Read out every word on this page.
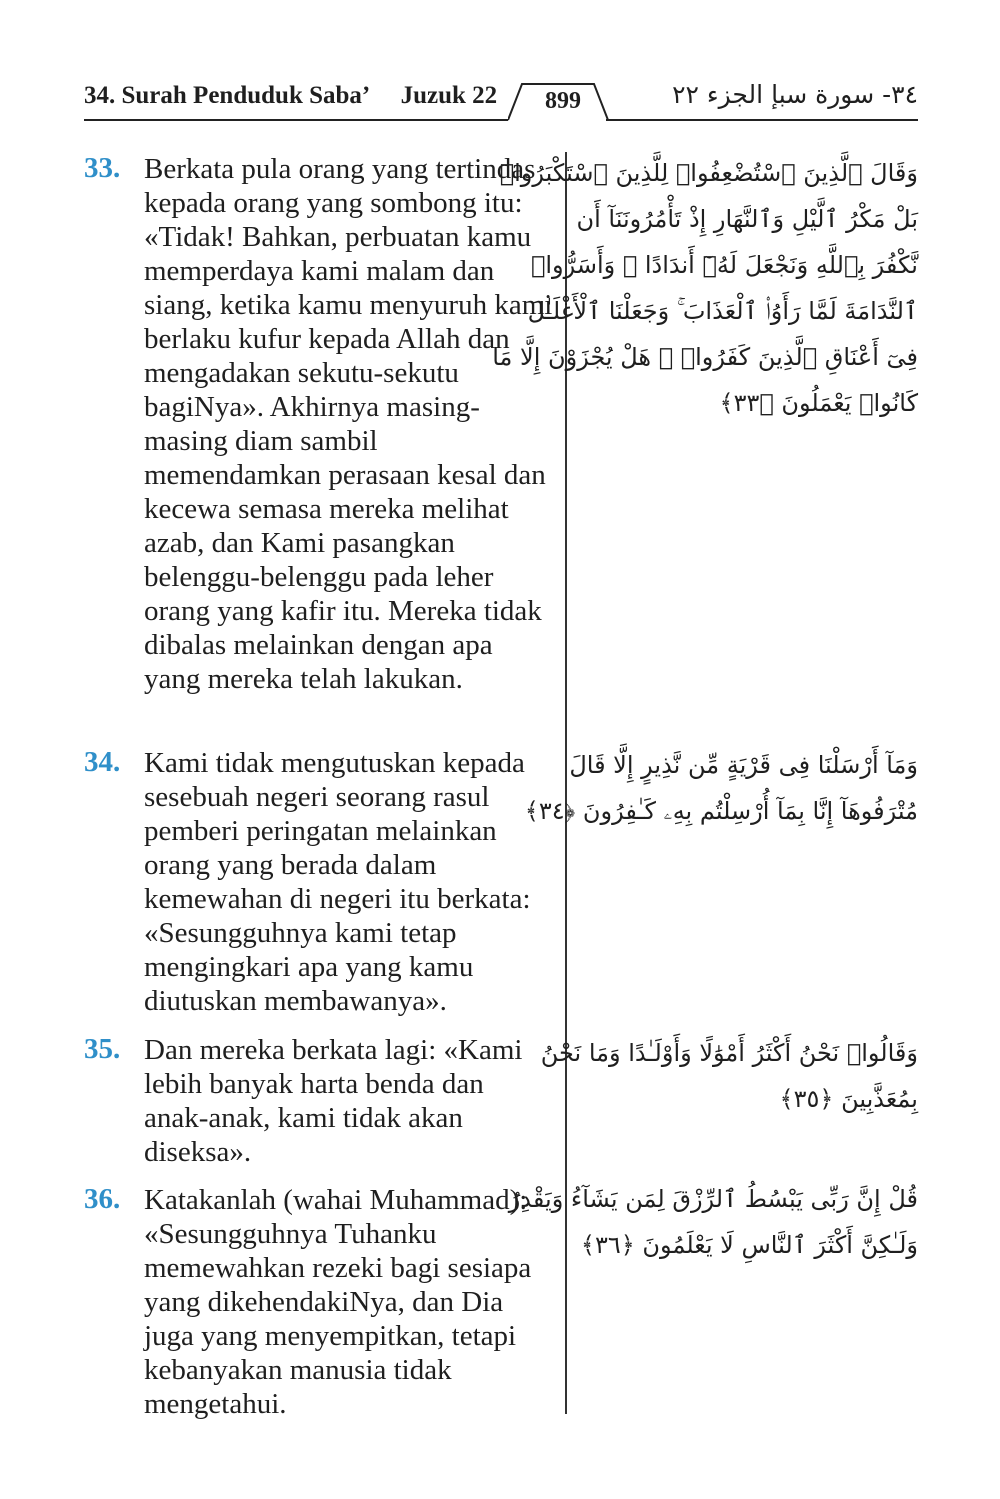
34. Surah Penduduk Saba’ Juzuk 22	899	٣٤- سورة سبإ الجزء ٢٢
33. Berkata pula orang yang tertindas kepada orang yang sombong itu: «Tidak! Bahkan, perbuatan kamu memperdaya kami malam dan siang, ketika kamu menyuruh kami berlaku kufur kepada Allah dan mengadakan sekutu-sekutu bagiNya». Akhirnya masing-masing diam sambil memendamkan perasaan kesal dan kecewa semasa mereka melihat azab, dan Kami pasangkan belenggu-belenggu pada leher orang yang kafir itu. Mereka tidak dibalas melainkan dengan apa yang mereka telah lakukan.
وَقَالَ ٱلَّذِينَ ٱسْتُضْعِفُوا۟ لِلَّذِينَ ٱسْتَكْبَرُوا۟
بَلْ مَكْرُ ٱلَّيْلِ وَٱلنَّهَارِ إِذْ تَأْمُرُونَنَآ أَن
نَّكْفُرَ بِٱللَّهِ وَنَجْعَلَ لَهُۥٓ أَندَادًا ۚ وَأَسَرُّوا۟
ٱلنَّدَامَةَ لَمَّا رَأَوُا۟ ٱلْعَذَابَ ۚ وَجَعَلْنَا ٱلْأَغْلَـٰلَ
فِىٓ أَعْنَاقِ ٱلَّذِينَ كَفَرُوا۟ ۚ هَلْ يُجْزَوْنَ إِلَّا مَا
كَانُوا۟ يَعْمَلُونَ ﴿٣٣﴾
34. Kami tidak mengutuskan kepada sesebuah negeri seorang rasul pemberi peringatan melainkan orang yang berada dalam kemewahan di negeri itu berkata: «Sesungguhnya kami tetap mengingkari apa yang kamu diutuskan membawanya».
وَمَآ أَرْسَلْنَا فِى قَرْيَةٍ مِّن نَّذِيرٍ إِلَّا قَالَ
مُتْرَفُوهَآ إِنَّا بِمَآ أُرْسِلْتُم بِهِۦ كَـٰفِرُونَ ﴿٣٤﴾
35. Dan mereka berkata lagi: «Kami lebih banyak harta benda dan anak-anak, kami tidak akan diseksa».
وَقَالُوا۟ نَحْنُ أَكْثَرُ أَمْوَٰلًا وَأَوْلَـٰدًا وَمَا نَحْنُ
بِمُعَذَّبِينَ ﴿٣٥﴾
36. Katakanlah (wahai Muhammad): «Sesungguhnya Tuhanku memewahkan rezeki bagi sesiapa yang dikehendakiNya, dan Dia juga yang menyempitkan, tetapi kebanyakan manusia tidak mengetahui.
قُلْ إِنَّ رَبِّى يَبْسُطُ ٱلرِّزْقَ لِمَن يَشَآءُ وَيَقْدِرُ
وَلَـٰكِنَّ أَكْثَرَ ٱلنَّاسِ لَا يَعْلَمُونَ ﴿٣٦﴾
